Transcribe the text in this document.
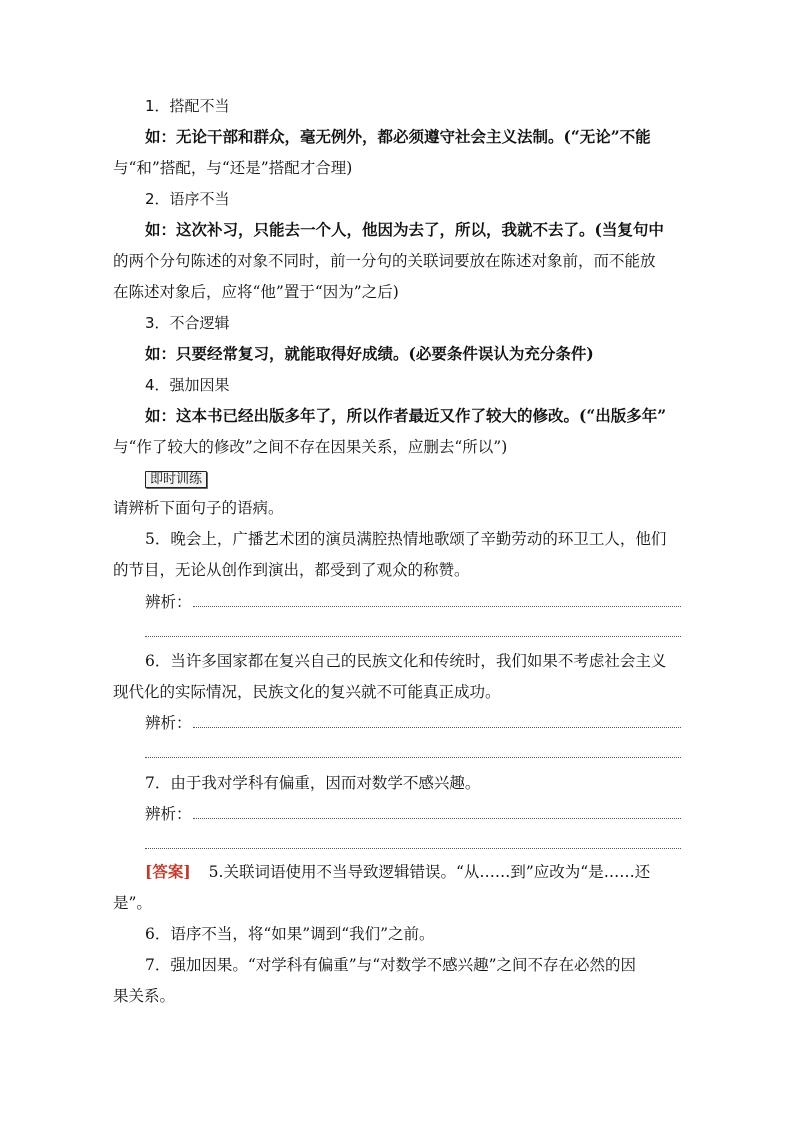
1．搭配不当
如：无论干部和群众，毫无例外，都必须遵守社会主义法制。(“无论”不能
与“和”搭配，与“还是”搭配才合理)
2．语序不当
如：这次补习，只能去一个人，他因为去了，所以，我就不去了。(当复句中
的两个分句陈述的对象不同时，前一分句的关联词要放在陈述对象前，而不能放
在陈述对象后，应将“他”置于“因为”之后)
3．不合逻辑
如：只要经常复习，就能取得好成绩。(必要条件误认为充分条件)
4．强加因果
如：这本书已经出版多年了，所以作者最近又作了较大的修改。(“出版多年”
与“作了较大的修改”之间不存在因果关系，应删去“所以”)
即时训练
请辨析下面句子的语病。
5．晚会上，广播艺术团的演员满腔热情地歌颂了辛勤劳动的环卫工人，他们
的节目，无论从创作到演出，都受到了观众的称赞。
辨析：
6．当许多国家都在复兴自己的民族文化和传统时，我们如果不考虑社会主义
现代化的实际情况，民族文化的复兴就不可能真正成功。
辨析：
7．由于我对学科有偏重，因而对数学不感兴趣。
辨析：
[答案] 5.关联词语使用不当导致逻辑错误。“从……到”应改为“是……还
是”。
6．语序不当，将“如果”调到“我们”之前。
7．强加因果。“对学科有偏重”与“对数学不感兴趣”之间不存在必然的因
果关系。
